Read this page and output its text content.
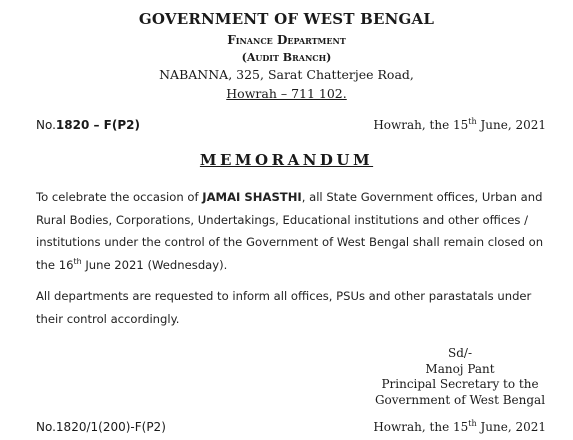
GOVERNMENT OF WEST BENGAL
Finance Department
(Audit Branch)
NABANNA, 325, Sarat Chatterjee Road,
Howrah – 711 102.
No.1820 – F(P2)	Howrah, the 15th June, 2021
MEMORANDUM
To celebrate the occasion of JAMAI SHASTHI, all State Government offices, Urban and
Rural Bodies, Corporations, Undertakings, Educational institutions and other offices /
institutions under the control of the Government of West Bengal shall remain closed on
the 16th June 2021 (Wednesday).
All departments are requested to inform all offices, PSUs and other parastatals under
their control accordingly.
Sd/-
Manoj Pant
Principal Secretary to the
Government of West Bengal
No.1820/1(200)-F(P2)	Howrah, the 15th June, 2021
